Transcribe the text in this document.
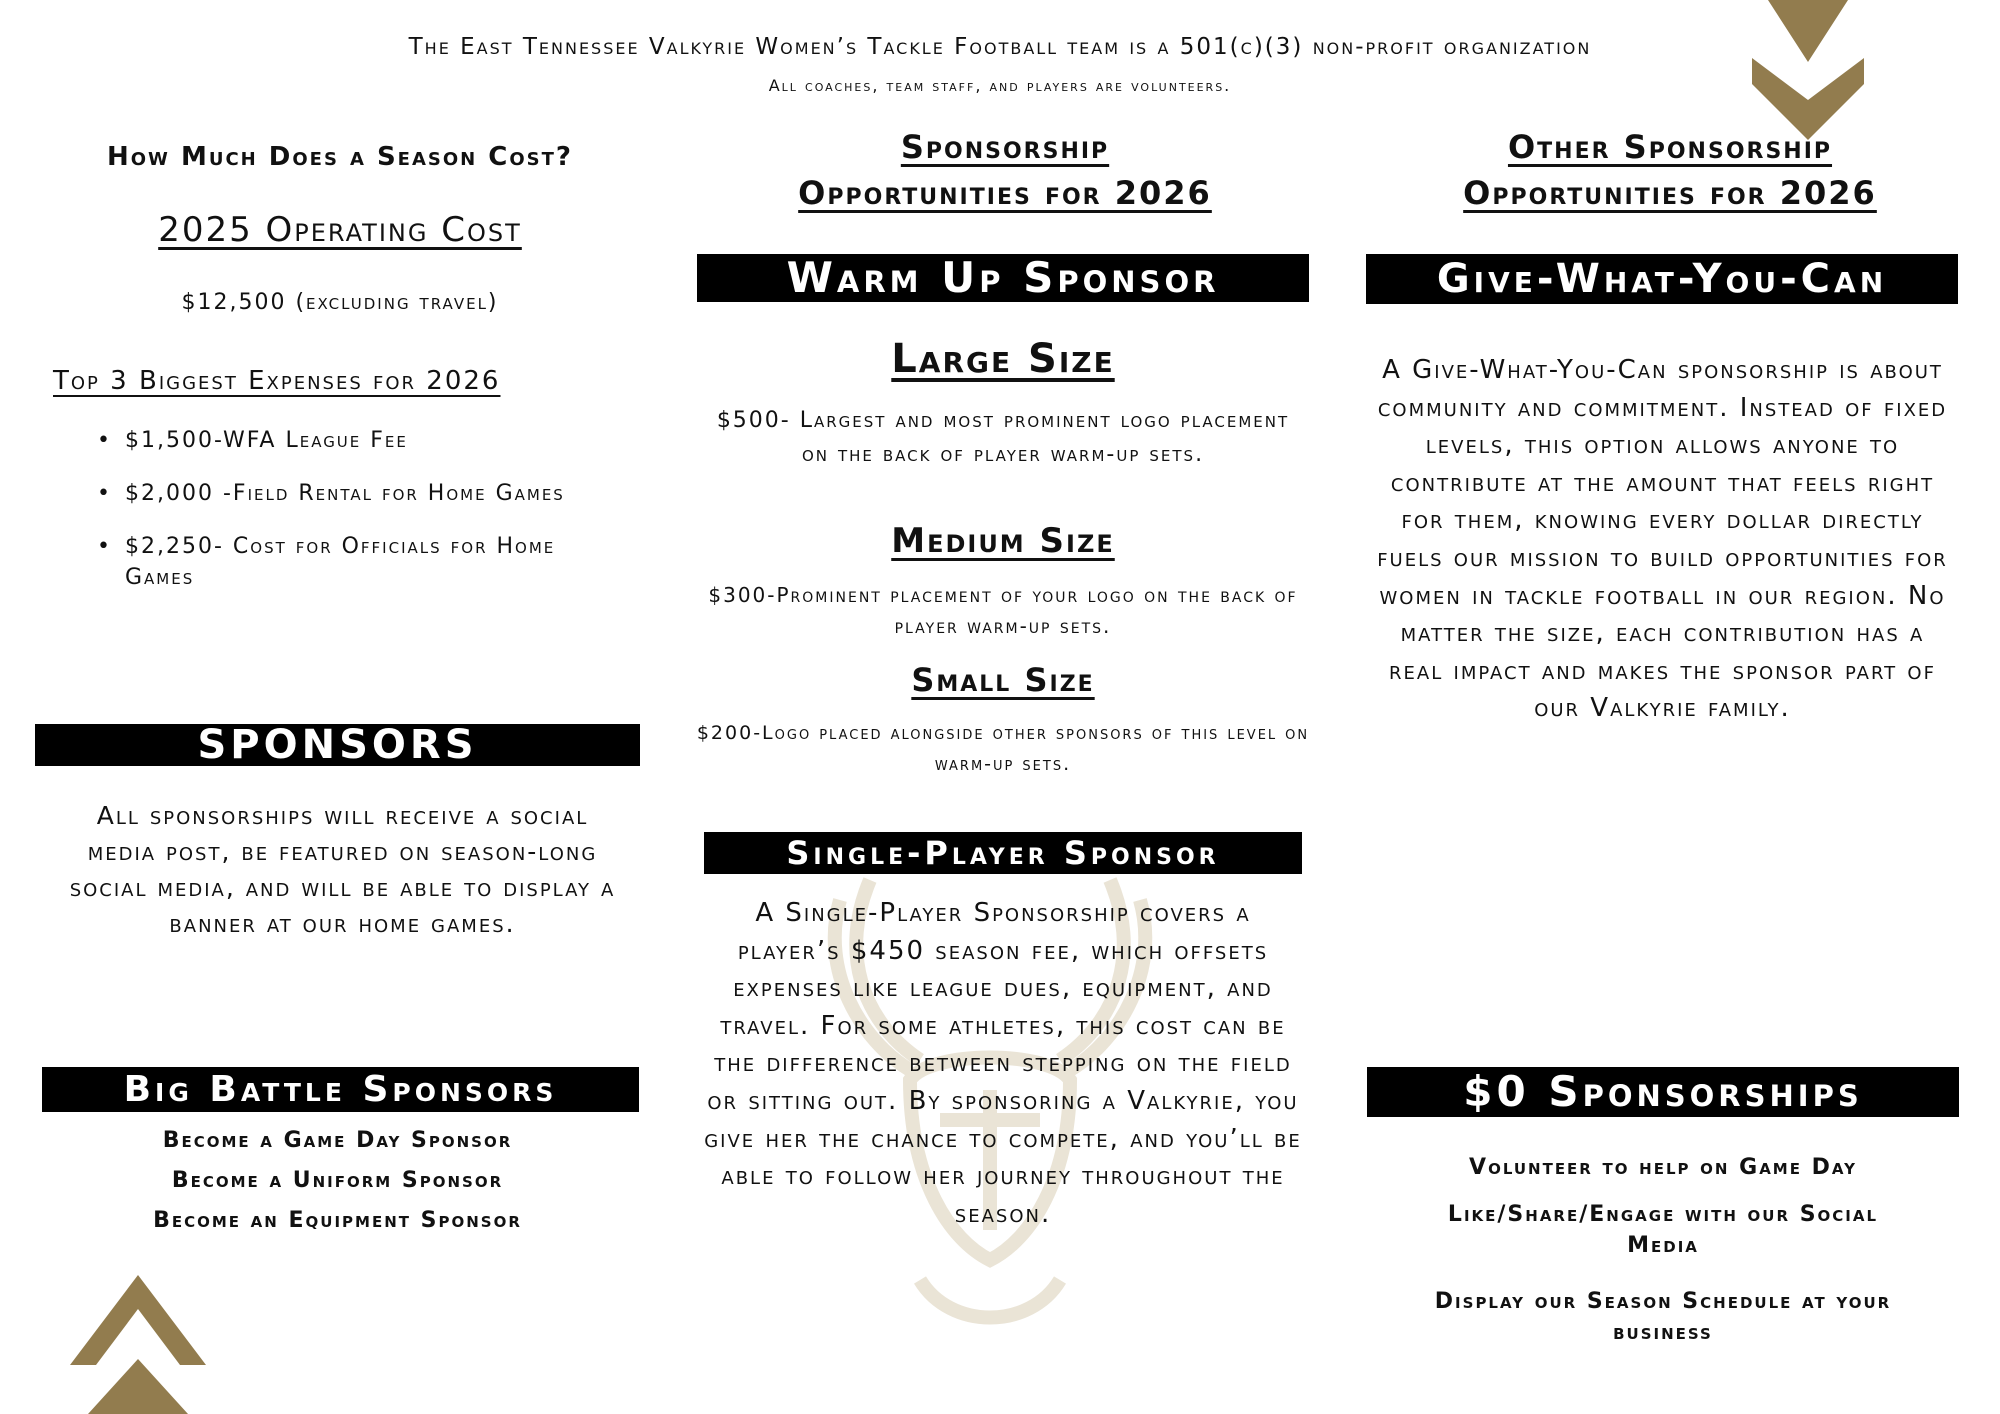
The East Tennessee Valkyrie Women’s Tackle Football team is a 501(c)(3) non-profit organization
All coaches, team staff, and players are volunteers.
How Much Does a Season Cost?
2025 Operating Cost
$12,500 (excluding travel)
Top 3 Biggest Expenses for 2026
• $1,500-WFA League Fee
• $2,000 -Field Rental for Home Games
• $2,250- Cost for Officials for Home Games
SPONSORS
All sponsorships will receive a social media post, be featured on season-long social media, and will be able to display a banner at our home games.
Big Battle Sponsors
Become a Game Day Sponsor
Become a Uniform Sponsor
Become an Equipment Sponsor
Sponsorship
Opportunities for 2026
Warm Up Sponsor
Large Size
$500- Largest and most prominent logo placement on the back of player warm-up sets.
Medium Size
$300-Prominent placement of your logo on the back of player warm-up sets.
Small Size
$200-Logo placed alongside other sponsors of this level on warm-up sets.
Single-Player Sponsor
A Single-Player Sponsorship covers a player’s $450 season fee, which offsets expenses like league dues, equipment, and travel. For some athletes, this cost can be the difference between stepping on the field or sitting out. By sponsoring a Valkyrie, you give her the chance to compete, and you’ll be able to follow her journey throughout the season.
Other Sponsorship
Opportunities for 2026
Give-What-You-Can
A Give-What-You-Can sponsorship is about community and commitment. Instead of fixed levels, this option allows anyone to contribute at the amount that feels right for them, knowing every dollar directly fuels our mission to build opportunities for women in tackle football in our region. No matter the size, each contribution has a real impact and makes the sponsor part of our Valkyrie family.
$0 Sponsorships
Volunteer to help on Game Day
Like/Share/Engage with our Social Media
Display our Season Schedule at your business
